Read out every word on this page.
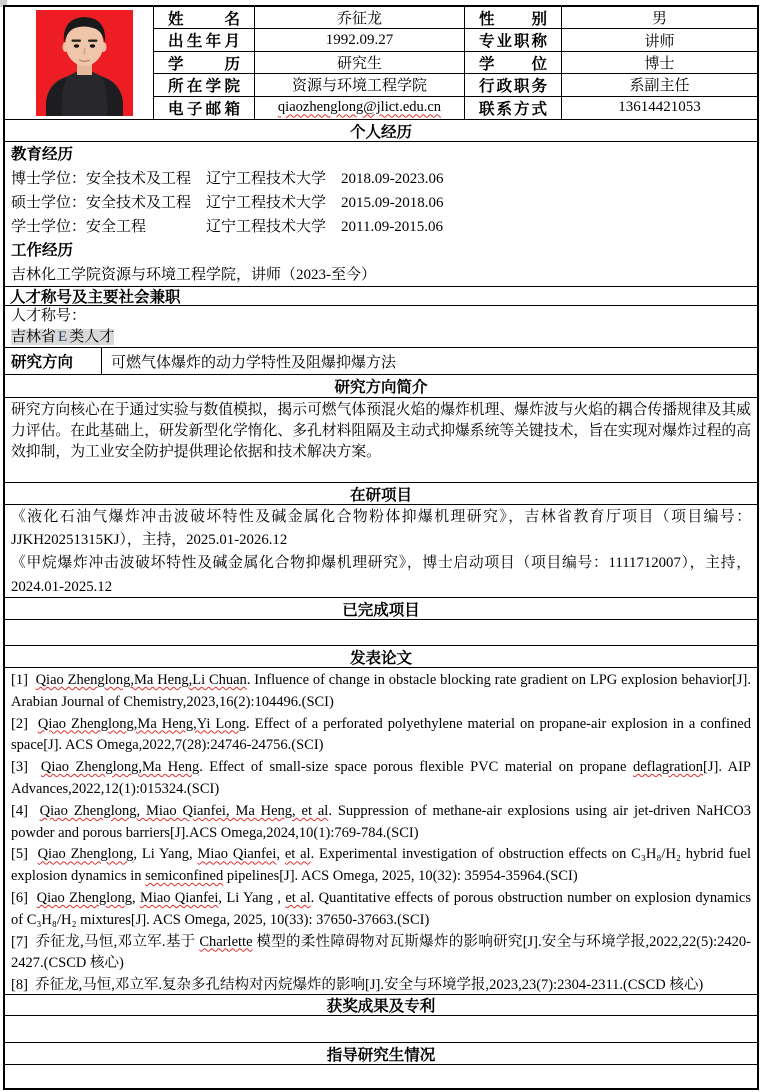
姓名	乔征龙	性别	男
出生年月	1992.09.27	专业职称	讲师
学历	研究生	学位	博士
所在学院	资源与环境工程学院	行政职务	系副主任
电子邮箱	qiaozhenglong@jlict.edu.cn 联系方式	13614421053
个人经历
教育经历
博士学位：安全技术及工程　辽宁工程技术大学　2018.09-2023.06
硕士学位：安全技术及工程　辽宁工程技术大学　2015.09-2018.06
学士学位：安全工程　　　　辽宁工程技术大学　2011.09-2015.06
工作经历
吉林化工学院资源与环境工程学院，讲师（2023-至今）
人才称号及主要社会兼职
人才称号：
吉林省 E 类人才
研究方向	可燃气体爆炸的动力学特性及阻爆抑爆方法
研究方向简介
研究方向核心在于通过实验与数值模拟，揭示可燃气体预混火焰的爆炸机理、爆炸波与火焰的耦合传播规律及其威力评估。在此基础上，研发新型化学惰化、多孔材料阻隔及主动式抑爆系统等关键技术，旨在实现对爆炸过程的高效抑制，为工业安全防护提供理论依据和技术解决方案。
在研项目
《液化石油气爆炸冲击波破坏特性及碱金属化合物粉体抑爆机理研究》，吉林省教育厅项目（项目编号：JJKH20251315KJ），主持，2025.01-2026.12
《甲烷爆炸冲击波破坏特性及碱金属化合物抑爆机理研究》，博士启动项目（项目编号：1111712007），主持，2024.01-2025.12
已完成项目
发表论文
[1]  Qiao Zhenglong,Ma Heng,Li Chuan. Influence of change in obstacle blocking rate gradient on LPG explosion behavior[J]. Arabian Journal of Chemistry,2023,16(2):104496.(SCI)
[2]  Qiao Zhenglong,Ma Heng,Yi Long. Effect of a perforated polyethylene material on propane-air explosion in a confined space[J]. ACS Omega,2022,7(28):24746-24756.(SCI)
[3]  Qiao Zhenglong,Ma Heng. Effect of small-size space porous flexible PVC material on propane deflagration[J]. AIP Advances,2022,12(1):015324.(SCI)
[4]  Qiao Zhenglong, Miao Qianfei, Ma Heng, et al. Suppression of methane-air explosions using air jet-driven NaHCO3 powder and porous barriers[J].ACS Omega,2024,10(1):769-784.(SCI)
[5]  Qiao Zhenglong, Li Yang, Miao Qianfei, et al. Experimental investigation of obstruction effects on C₃H₈/H₂ hybrid fuel explosion dynamics in semiconfined pipelines[J]. ACS Omega, 2025, 10(32): 35954-35964.(SCI)
[6]  Qiao Zhenglong, Miao Qianfei, Li Yang , et al. Quantitative effects of porous obstruction number on explosion dynamics of C₃H₈/H₂ mixtures[J]. ACS Omega, 2025, 10(33): 37650-37663.(SCI)
[7]  乔征龙,马恒,邓立军.基于 Charlette 模型的柔性障碍物对瓦斯爆炸的影响研究[J].安全与环境学报,2022,22(5):2420-2427.(CSCD 核心)
[8]  乔征龙,马恒,邓立军.复杂多孔结构对丙烷爆炸的影响[J].安全与环境学报,2023,23(7):2304-2311.(CSCD 核心)
获奖成果及专利
指导研究生情况
